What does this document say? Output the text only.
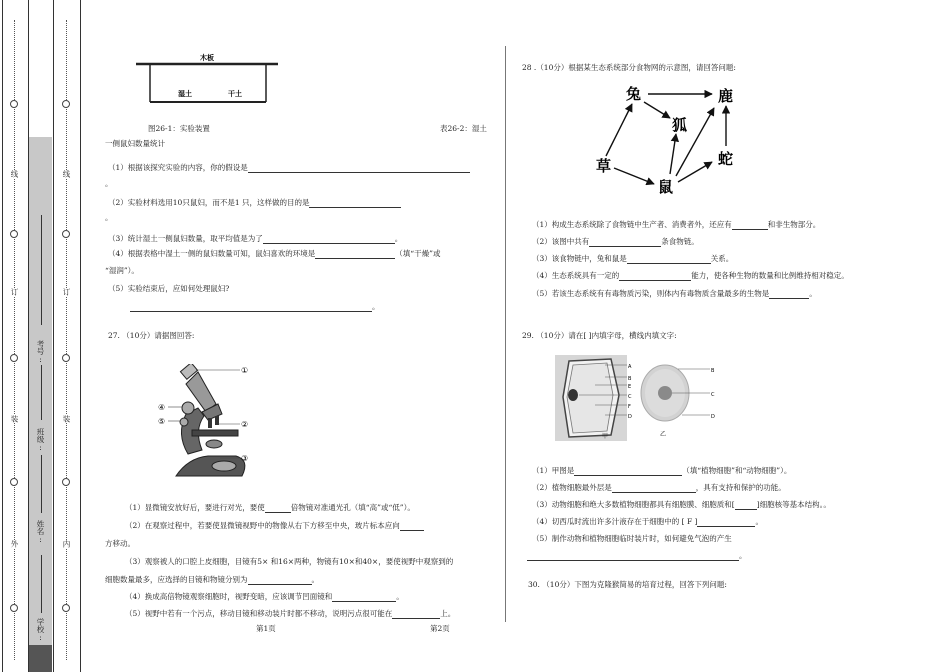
线
订
装
外
线
订
装
内
考号:
班级:
姓名:
学校:
木板
湿土	干土
图26-1：实验装置	表26-2：湿土
一侧鼠妇数量统计
（1）根据该探究实验的内容，你的假设是
。
（2）实验材料选用10只鼠妇，而不是1 只，这样做的目的是
。
（3）统计湿土一侧鼠妇数量，取平均值是为了	。
（4）根据表格中湿土一侧的鼠妇数量可知，鼠妇喜欢的环境是	（填“干燥”或
“湿润”）。
（5）实验结束后，应如何处理鼠妇?
。
27. （10分）请据图回答:
①
②
③
④
⑤
（1）显微镜安放好后，要进行对光，要使	倍物镜对准通光孔（填“高”或“低”）。
（2）在观察过程中，若要使显微镜视野中的物像从右下方移至中央，玻片标本应向
方移动。
（3）观察被人的口腔上皮细胞，目镜有5× 和16×两种，物镜有10×和40×，要使视野中观察到的
细胞数量最多，应选择的目镜和物镜分别为	。
（4）换成高倍物镜观察细胞时，视野变暗，应该调节凹面镜和	。
（5）视野中若有一个污点，移动目镜和移动装片时都不移动，说明污点很可能在	上。
第1页	第2页
28 .（10分）根据某生态系统部分食物网的示意图，请回答问题:
兔	鹿
狐
蛇
草
鼠
（1）构成生态系统除了食物链中生产者、消费者外，还应有	和非生物部分。
（2）该图中共有	条食物链。
（3）该食物链中，兔和鼠是	关系。
（4）生态系统具有一定的	能力，使各种生物的数量和比例维持相对稳定。
（5）若该生态系统有有毒物质污染，则体内有毒物质含量最多的生物是	。
29. （10分）请在[ ]内填字母，横线内填文字:
A
B
E
C
F
D
甲
B
C
D
乙
（1）甲图是	（填“植物细胞”和“动物细胞”）。
（2）植物细胞最外层是	，具有支持和保护的功能。
（3）动物细胞和绝大多数植物细胞都具有细胞膜、细胞质和[	]细胞核等基本结构。。
（4）切西瓜时流出许多汁液存在于细胞中的 [ F ]	。
（5）制作动物和植物细胞临时装片时，如何避免气泡的产生
。
30. （10分）下图为克隆猴简易的培育过程，回答下列问题:
